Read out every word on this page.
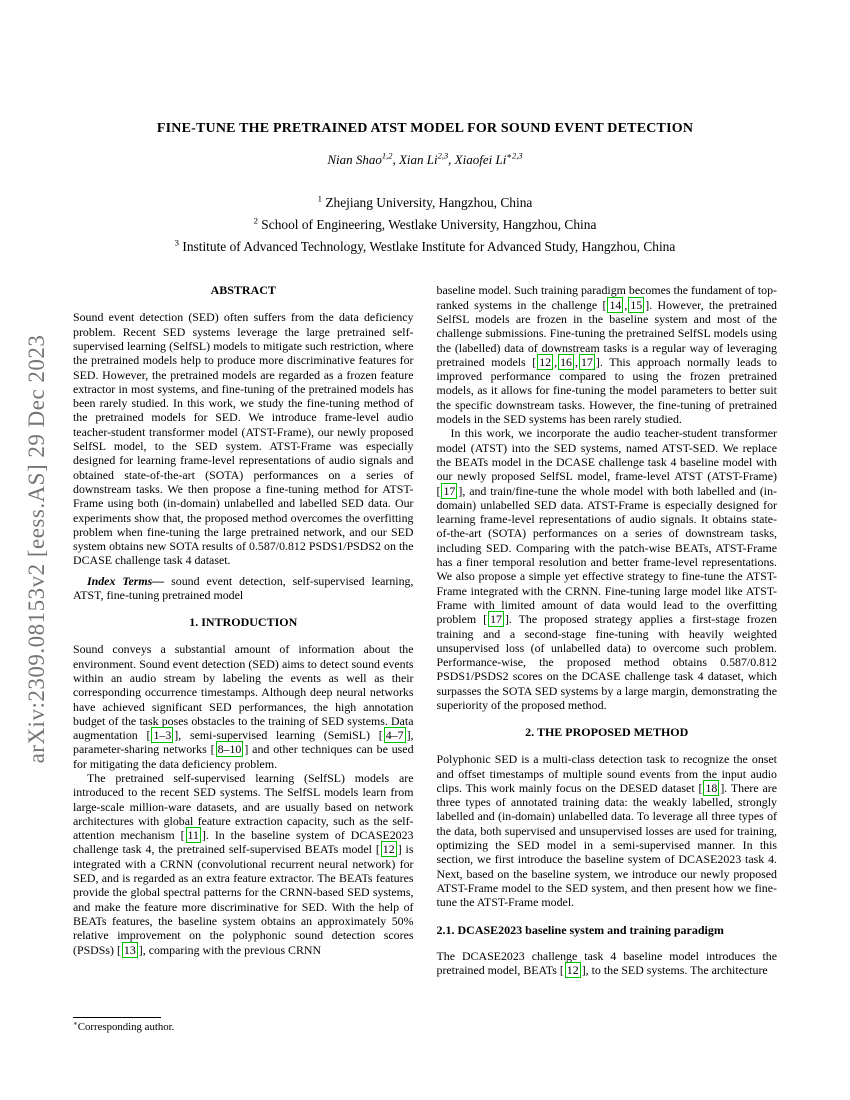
arXiv:2309.08153v2 [eess.AS] 29 Dec 2023
FINE-TUNE THE PRETRAINED ATST MODEL FOR SOUND EVENT DETECTION
Nian Shao$^{1,2}$, Xian Li$^{2,3}$, Xiaofei $Li^{∗2,3}$
$^1$ Zhejiang University, Hangzhou, China
$^2$ School of Engineering, Westlake University, Hangzhou, China
$^3$ Institute of Advanced Technology, Westlake Institute for Advanced Study, Hangzhou, China
ABSTRACT

Sound event detection (SED) often suffers from the data deficiency problem. Recent SED systems leverage the large pretrained self-supervised learning (SelfSL) models to mitigate such restriction, where the pretrained models help to produce more discriminative features for SED. However, the pretrained models are regarded as a frozen feature extractor in most systems, and fine-tuning of the pretrained models has been rarely studied. In this work, we study the fine-tuning method of the pretrained models for SED. We introduce frame-level audio teacher-student transformer model (ATST-Frame), our newly proposed SelfSL model, to the SED system. ATST-Frame was especially designed for learning frame-level representations of audio signals and obtained state-of-the-art (SOTA) performances on a series of downstream tasks. We then propose a fine-tuning method for ATST-Frame using both (in-domain) unlabelled and labelled SED data. Our experiments show that, the proposed method overcomes the overfitting problem when fine-tuning the large pretrained network, and our SED system obtains new SOTA results of 0.587/0.812 PSDS1/PSDS2 on the DCASE challenge task 4 dataset.

Index Terms— sound event detection, self-supervised learning, ATST, fine-tuning pretrained model

1. INTRODUCTION

Sound conveys a substantial amount of information about the environment. Sound event detection (SED) aims to detect sound events within an audio stream by labeling the events as well as their corresponding occurrence timestamps. Although deep neural networks have achieved significant SED performances, the high annotation budget of the task poses obstacles to the training of SED systems. Data augmentation [ 1–3 ], semi-supervised learning (SemiSL) [ 4–7 ], parameter-sharing networks [ 8–10 ] and other techniques can be used for mitigating the data deficiency problem.

The pretrained self-supervised learning (SelfSL) models are introduced to the recent SED systems. The SelfSL models learn from large-scale million-ware datasets, and are usually based on network architectures with global feature extraction capacity, such as the self-attention mechanism [ 11 ]. In the baseline system of DCASE2023 challenge task 4, the pretrained self-supervised BEATs model [ 12 ] is integrated with a CRNN (convolutional recurrent neural network) for SED, and is regarded as an extra feature extractor. The BEATs features provide the global spectral patterns for the CRNN-based SED systems, and make the feature more discriminative for SED. With the help of BEATs features, the baseline system obtains an approximately 50% relative improvement on the polyphonic sound detection scores (PSDSs) [ 13 ], comparing with the previous CRNN

∗Corresponding author.

baseline model. Such training paradigm becomes the fundament of top-ranked systems in the challenge [ 14 , 15 ]. However, the pretrained SelfSL models are frozen in the baseline system and most of the challenge submissions. Fine-tuning the pretrained SelfSL models using the (labelled) data of downstream tasks is a regular way of leveraging pretrained models [ 12 , 16 , 17 ]. This approach normally leads to improved performance compared to using the frozen pretrained models, as it allows for fine-tuning the model parameters to better suit the specific downstream tasks. However, the fine-tuning of pretrained models in the SED systems has been rarely studied.

In this work, we incorporate the audio teacher-student transformer model (ATST) into the SED systems, named ATST-SED. We replace the BEATs model in the DCASE challenge task 4 baseline model with our newly proposed SelfSL model, frame-level ATST (ATST-Frame) [ 17 ], and train/fine-tune the whole model with both labelled and (in-domain) unlabelled SED data. ATST-Frame is especially designed for learning frame-level representations of audio signals. It obtains state-of-the-art (SOTA) performances on a series of downstream tasks, including SED. Comparing with the patch-wise BEATs, ATST-Frame has a finer temporal resolution and better frame-level representations. We also propose a simple yet effective strategy to fine-tune the ATST-Frame integrated with the CRNN. Fine-tuning large model like ATST-Frame with limited amount of data would lead to the overfitting problem [ 17 ]. The proposed strategy applies a first-stage frozen training and a second-stage fine-tuning with heavily weighted unsupervised loss (of unlabelled data) to overcome such problem. Performance-wise, the proposed method obtains 0.587/0.812 PSDS1/PSDS2 scores on the DCASE challenge task 4 dataset, which surpasses the SOTA SED systems by a large margin, demonstrating the superiority of the proposed method.

2. THE PROPOSED METHOD

Polyphonic SED is a multi-class detection task to recognize the onset and offset timestamps of multiple sound events from the input audio clips. This work mainly focus on the DESED dataset [ 18 ]. There are three types of annotated training data: the weakly labelled, strongly labelled and (in-domain) unlabelled data. To leverage all three types of the data, both supervised and unsupervised losses are used for training, optimizing the SED model in a semi-supervised manner. In this section, we first introduce the baseline system of DCASE2023 task 4. Next, based on the baseline system, we introduce our newly proposed ATST-Frame model to the SED system, and then present how we fine-tune the ATST-Frame model.

2.1. DCASE2023 baseline system and training paradigm

The DCASE2023 challenge task 4 baseline model introduces the pretrained model, BEATs [ 12 ], to the SED systems. The architecture
